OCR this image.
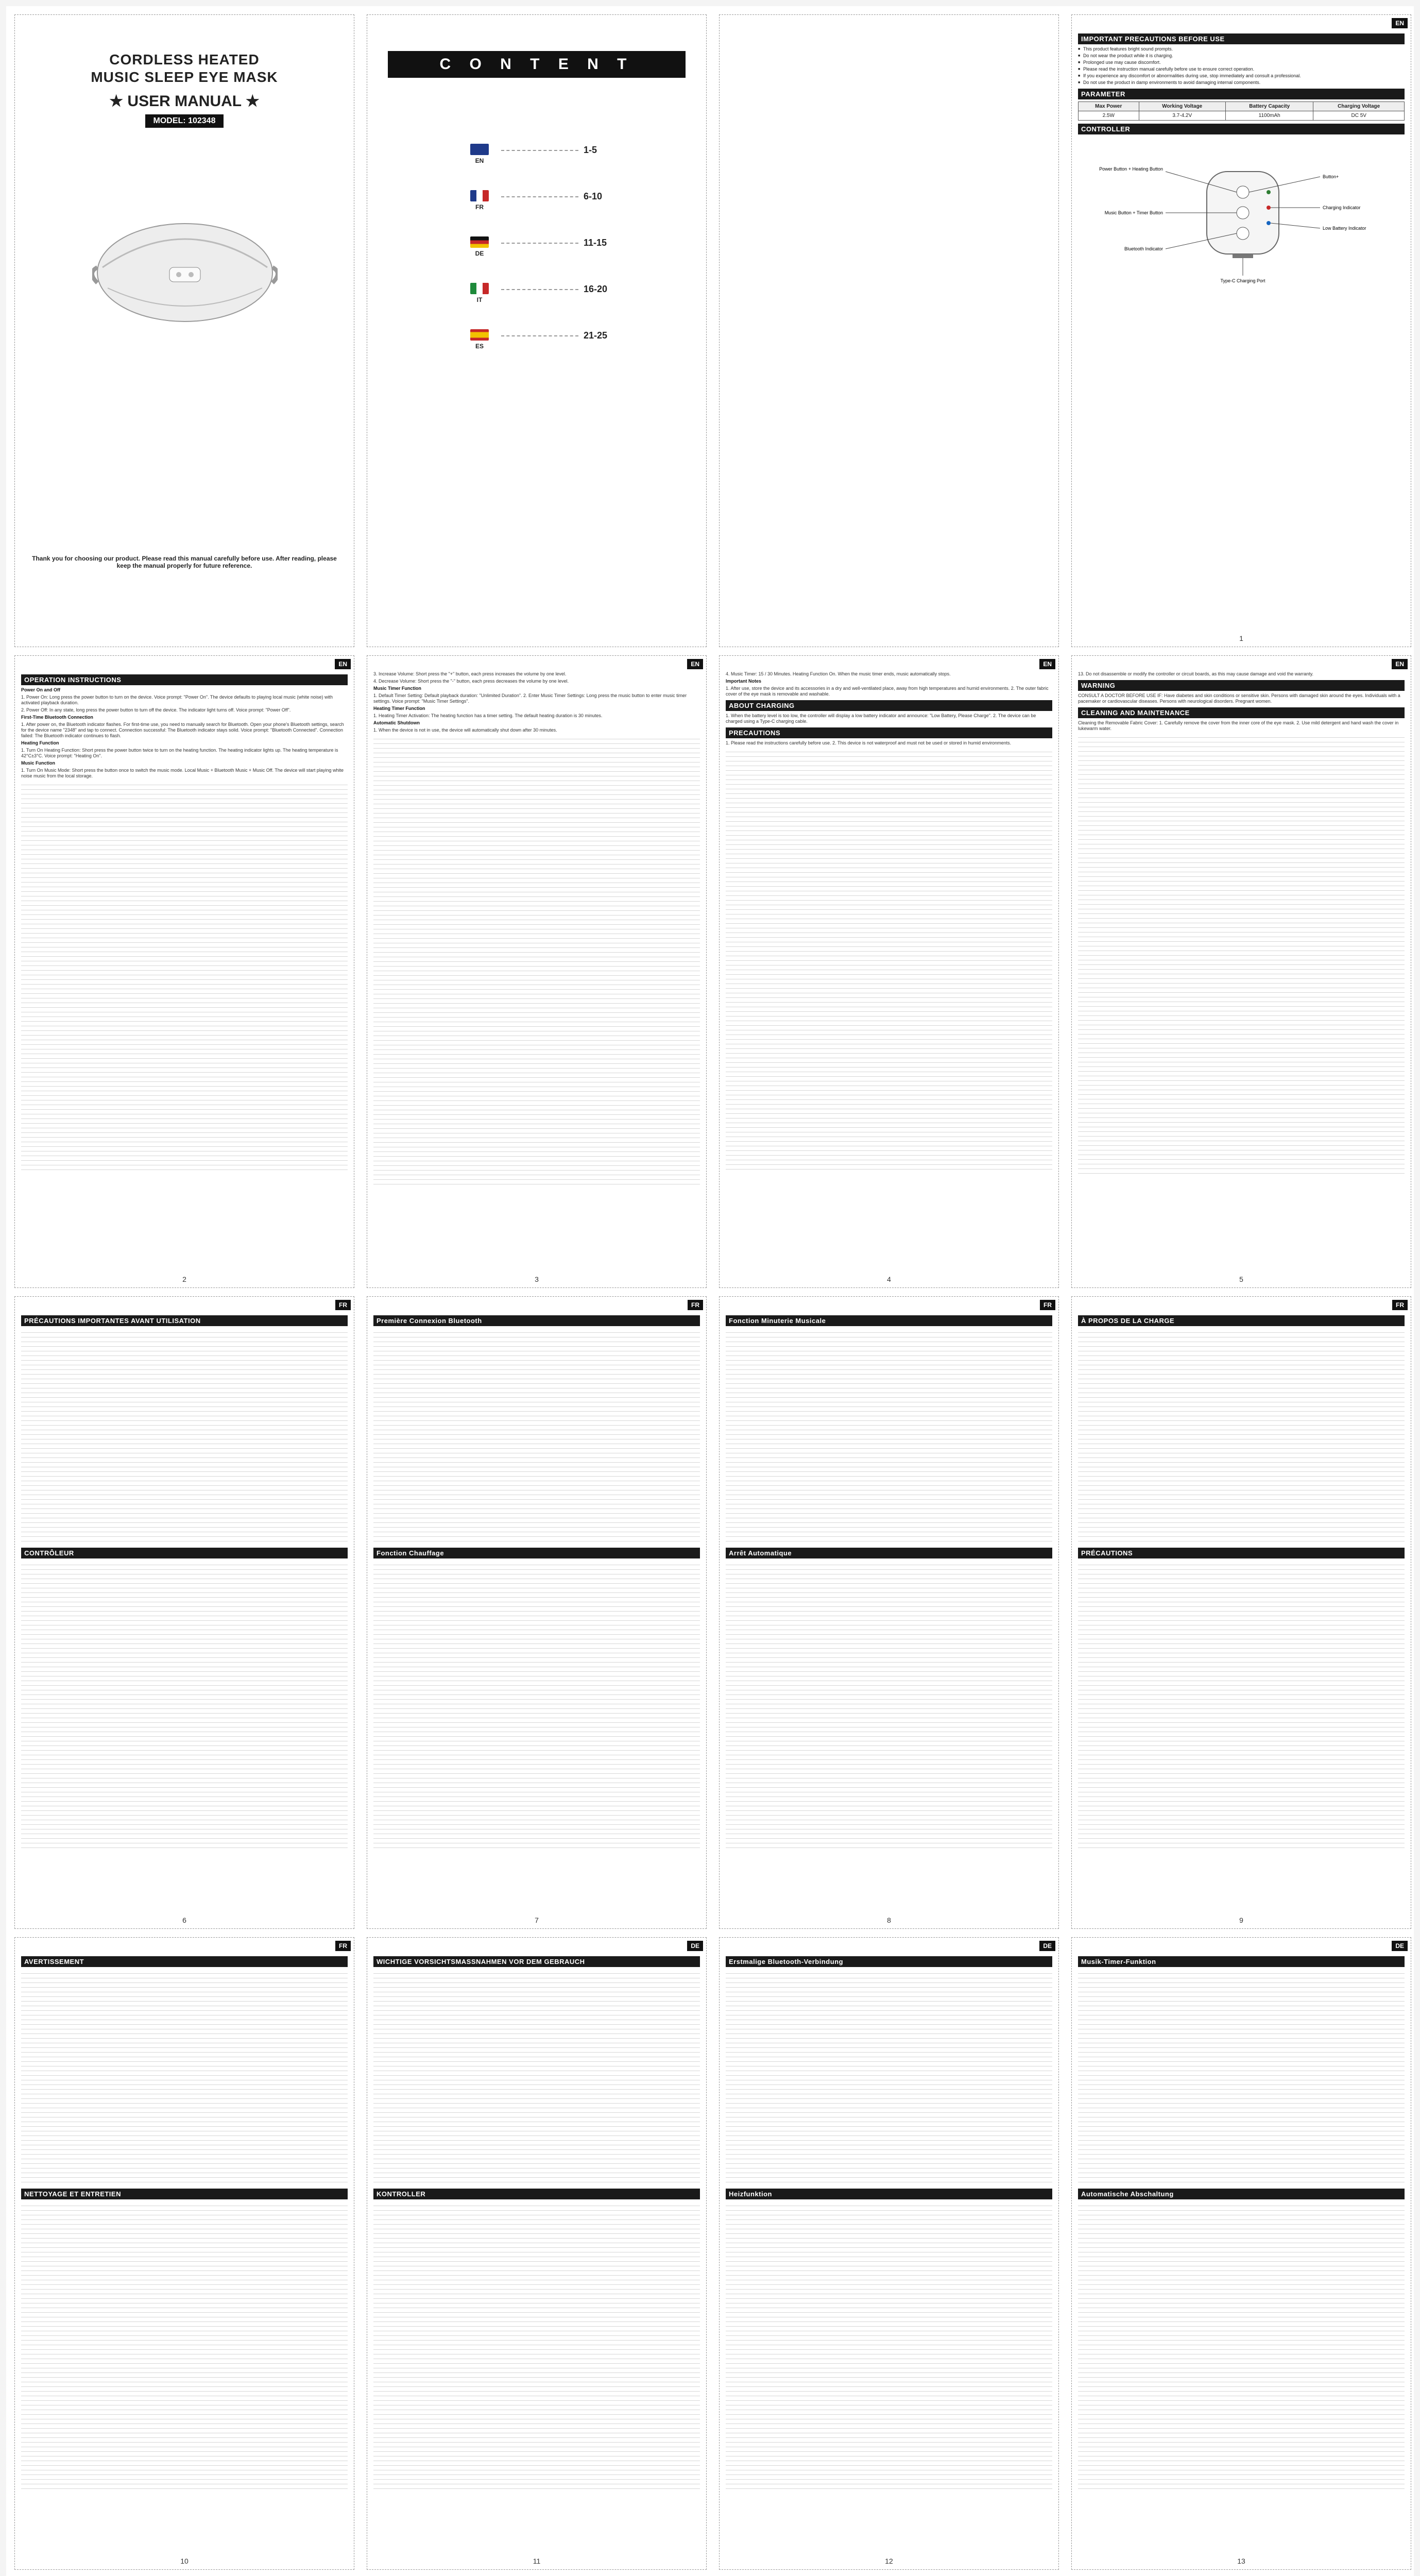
CORDLESS HEATED
MUSIC SLEEP EYE MASK
★ USER MANUAL ★
MODEL: 102348
Thank you for choosing our product. Please read this manual carefully before use. After reading, please keep the manual properly for future reference.
C O N T E N T
EN
1-5
FR
6-10
DE
11-15
IT
16-20
ES
21-25
EN
IMPORTANT PRECAUTIONS BEFORE USE
■ This product features bright sound prompts.
■ Do not wear the product while it is charging.
■ Prolonged use may cause discomfort.
■ Please read the instruction manual carefully before use to ensure correct operation.
■ If you experience any discomfort or abnormalities during use, stop immediately and consult a professional.
■ Do not use the product in damp environments to avoid damaging internal components.
PARAMETER
Max Power	Working Voltage	Battery Capacity	Charging Voltage
2.5W	3.7-4.2V	1100mAh	DC 5V
CONTROLLER
Power Button + Heating Button
Button+
Music Button + Timer Button
Charging Indicator
Low Battery Indicator
Bluetooth Indicator
Type-C Charging Port
1
EN
OPERATION INSTRUCTIONS

Power On and Off

1. Power On: Long press the power button to turn on the device. Voice prompt: "Power On". The device defaults to playing local music (white noise) with activated playback duration.

2. Power Off: In any state, long press the power button to turn off the device. The indicator light turns off. Voice prompt: "Power Off".

First-Time Bluetooth Connection

1. After power on, the Bluetooth indicator flashes. For first-time use, you need to manually search for Bluetooth. Open your phone's Bluetooth settings, search for the device name "2348" and tap to connect. Connection successful: The Bluetooth indicator stays solid. Voice prompt: "Bluetooth Connected". Connection failed: The Bluetooth indicator continues to flash.

Heating Function

1. Turn On Heating Function: Short press the power button twice to turn on the heating function. The heating indicator lights up. The heating temperature is 42°C±3°C. Voice prompt: "Heating On".

Music Function

1. Turn On Music Mode: Short press the button once to switch the music mode. Local Music + Bluetooth Music + Music Off. The device will start playing white noise music from the local storage.

2
EN

3. Increase Volume: Short press the "+" button, each press increases the volume by one level.

4. Decrease Volume: Short press the "-" button, each press decreases the volume by one level.

Music Timer Function

1. Default Timer Setting: Default playback duration: "Unlimited Duration". 2. Enter Music Timer Settings: Long press the music button to enter music timer settings. Voice prompt: "Music Timer Settings".

Heating Timer Function

1. Heating Timer Activation: The heating function has a timer setting. The default heating duration is 30 minutes.

Automatic Shutdown

1. When the device is not in use, the device will automatically shut down after 30 minutes.

3
EN

4. Music Timer: 15 / 30 Minutes. Heating Function On. When the music timer ends, music automatically stops.

Important Notes

1. After use, store the device and its accessories in a dry and well-ventilated place, away from high temperatures and humid environments. 2. The outer fabric cover of the eye mask is removable and washable.

ABOUT CHARGING

1. When the battery level is too low, the controller will display a low battery indicator and announce: "Low Battery, Please Charge". 2. The device can be charged using a Type-C charging cable.

PRECAUTIONS

1. Please read the instructions carefully before use. 2. This device is not waterproof and must not be used or stored in humid environments.

4
EN

13. Do not disassemble or modify the controller or circuit boards, as this may cause damage and void the warranty.

WARNING

CONSULT A DOCTOR BEFORE USE IF: Have diabetes and skin conditions or sensitive skin. Persons with damaged skin around the eyes. Individuals with a pacemaker or cardiovascular diseases. Persons with neurological disorders. Pregnant women.

CLEANING AND MAINTENANCE

Cleaning the Removable Fabric Cover: 1. Carefully remove the cover from the inner core of the eye mask. 2. Use mild detergent and hand wash the cover in lukewarm water.

5
FR
PRÉCAUTIONS IMPORTANTES AVANT UTILISATION
CONTRÔLEUR
6
FR
Première Connexion Bluetooth
Fonction Chauffage
7
FR
Fonction Minuterie Musicale
Arrêt Automatique
8
FR
À PROPOS DE LA CHARGE
PRÉCAUTIONS
9
FR
AVERTISSEMENT
NETTOYAGE ET ENTRETIEN
10
DE
WICHTIGE VORSICHTSMASSNAHMEN VOR DEM GEBRAUCH
KONTROLLER
11
DE
Erstmalige Bluetooth-Verbindung
Heizfunktion
12
DE
Musik-Timer-Funktion
Automatische Abschaltung
13
